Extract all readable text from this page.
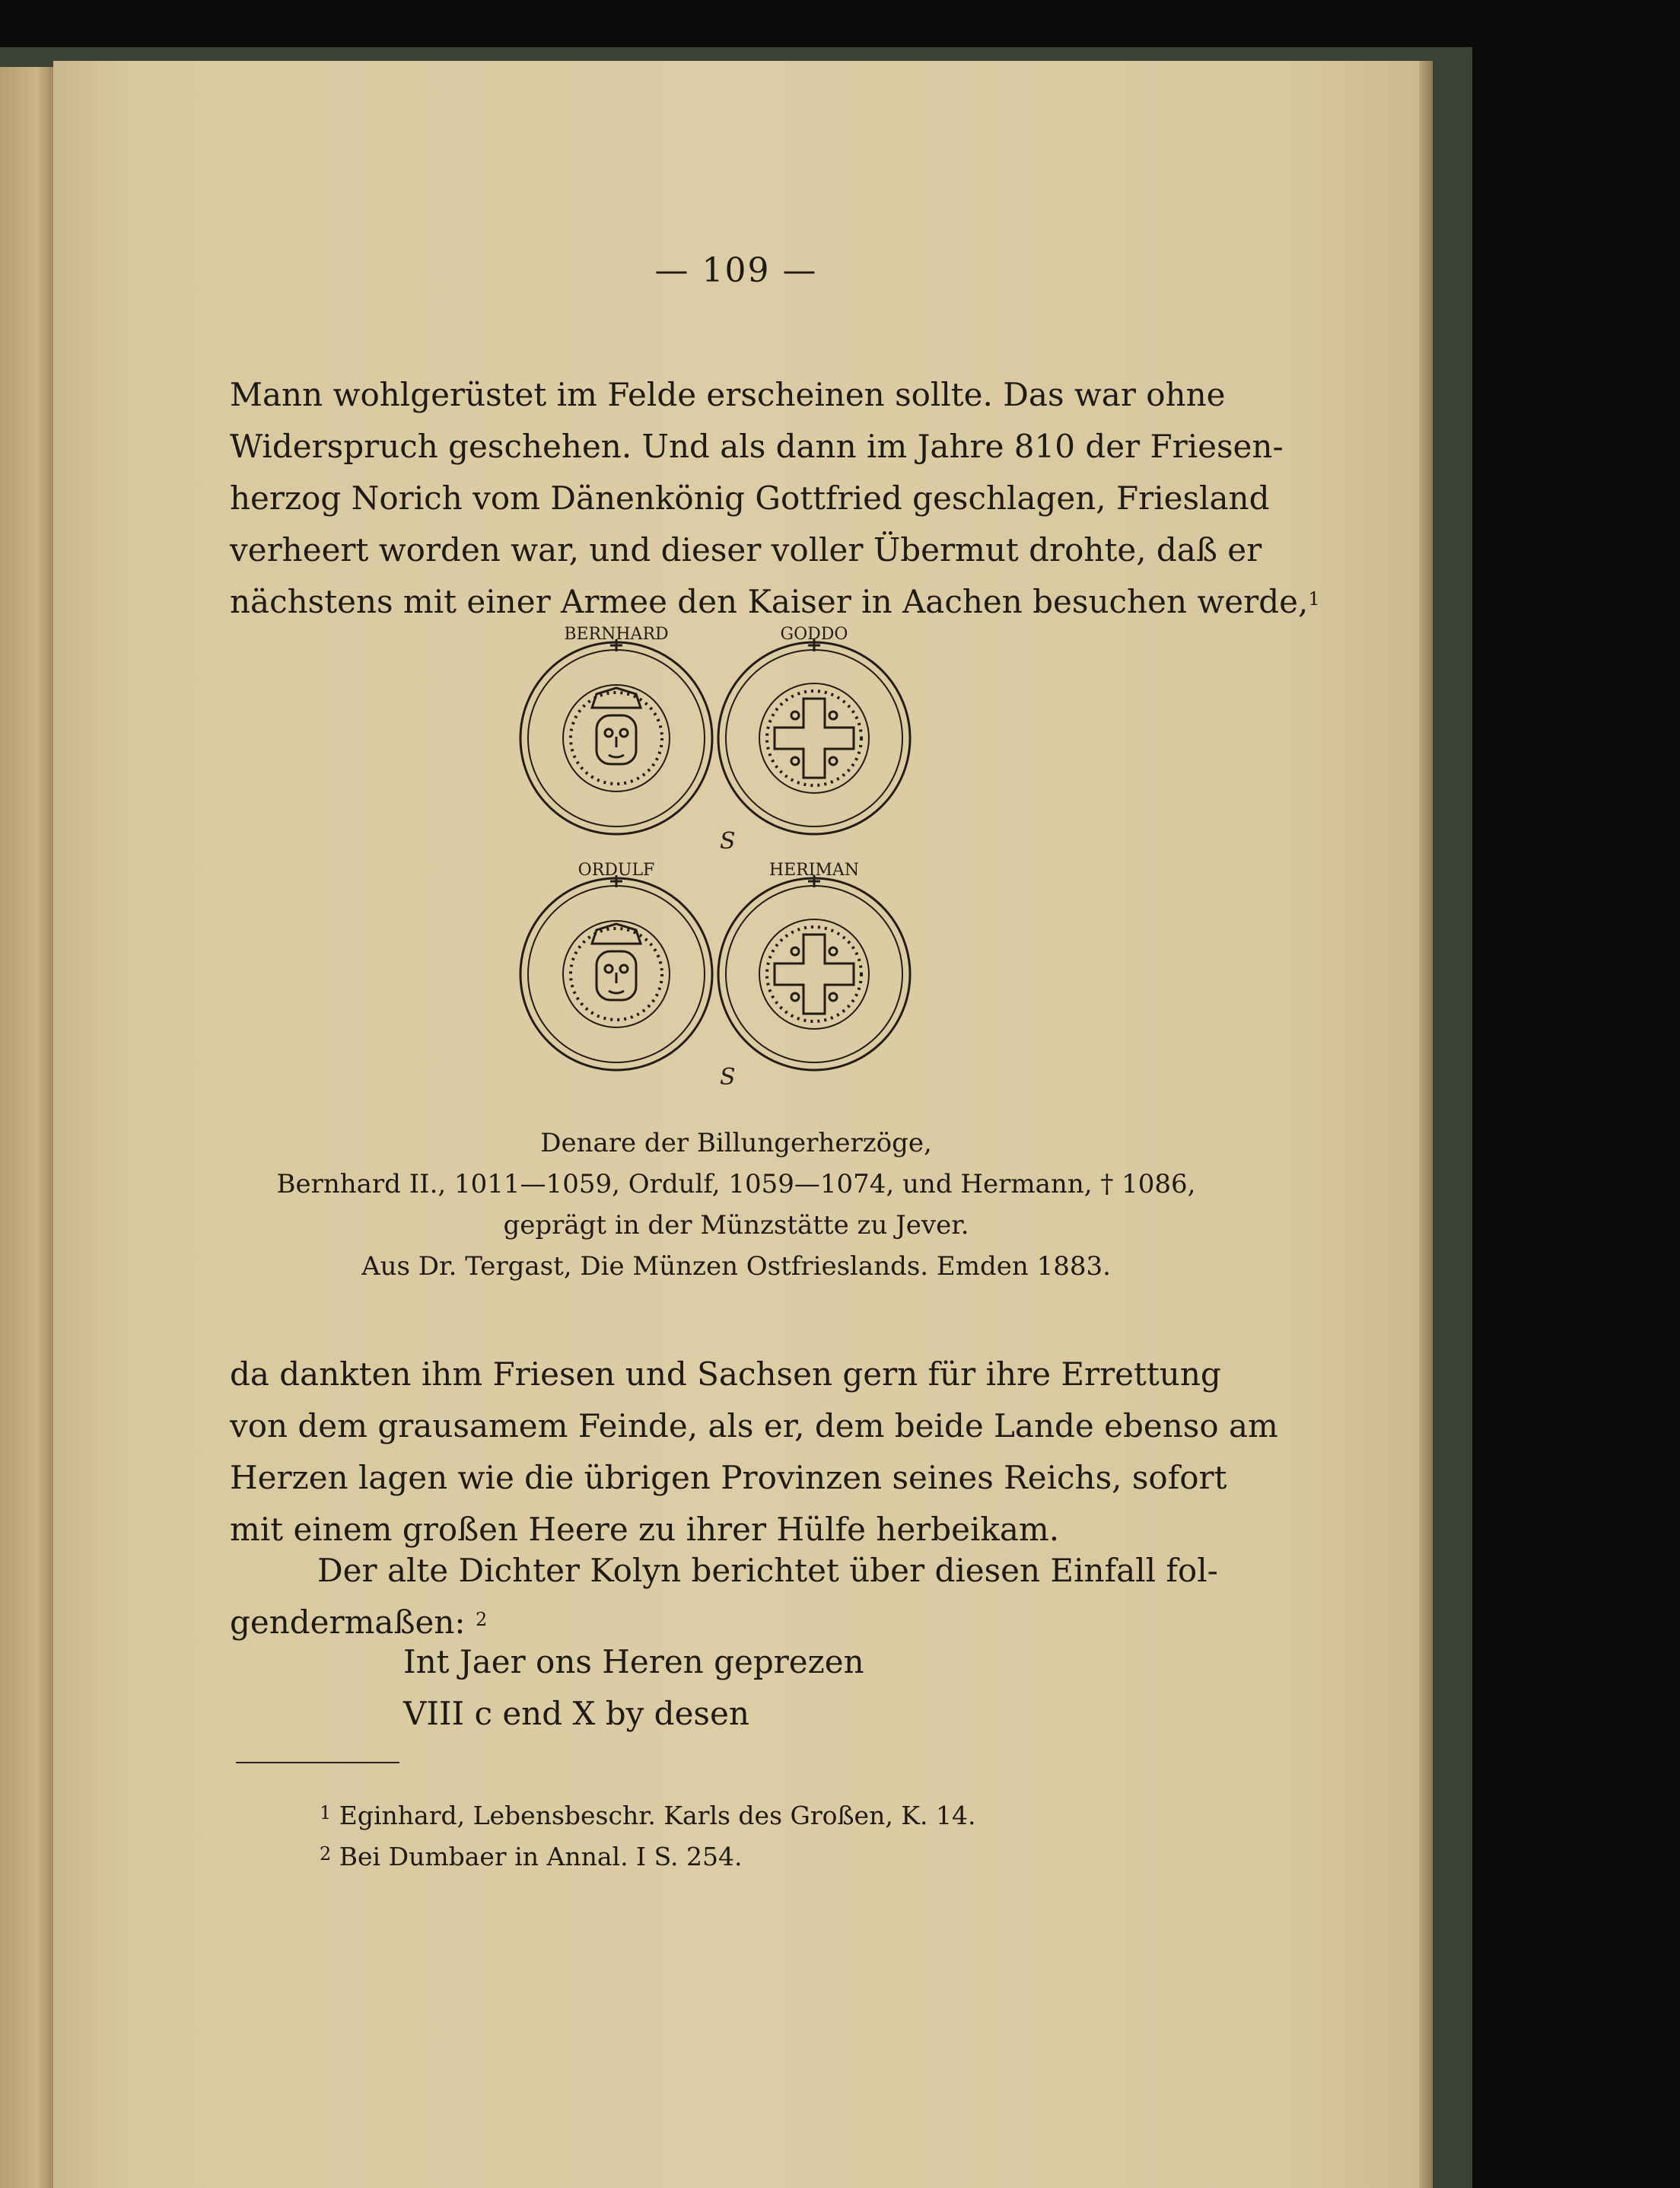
— 109 —
Mann wohlgerüstet im Felde erscheinen sollte. Das war ohne
Widerspruch geschehen. Und als dann im Jahre 810 der Friesen-
herzog Norich vom Dänenkönig Gottfried geschlagen, Friesland
verheert worden war, und dieser voller Übermut drohte, daß er
nächstens mit einer Armee den Kaiser in Aachen besuchen werde,$^1$
BERNHARD	GODDO
ORDULF	HERIMAN
S
S
Denare der Billungerherzöge,
Bernhard II., 1011—1059, Ordulf, 1059—1074, und Hermann, † 1086,
geprägt in der Münzstätte zu Jever.
Aus Dr. Tergast, Die Münzen Ostfrieslands. Emden 1883.
da dankten ihm Friesen und Sachsen gern für ihre Errettung
von dem grausamem Feinde, als er, dem beide Lande ebenso am
Herzen lagen wie die übrigen Provinzen seines Reichs, sofort
mit einem großen Heere zu ihrer Hülfe herbeikam.
Der alte Dichter Kolyn berichtet über diesen Einfall fol-
gendermaßen: $^2$
Int Jaer ons Heren geprezen
VIII c end X by desen
$^1$ Eginhard, Lebensbeschr. Karls des Großen, K. 14.
$^2$ Bei Dumbaer in Annal. I S. 254.
